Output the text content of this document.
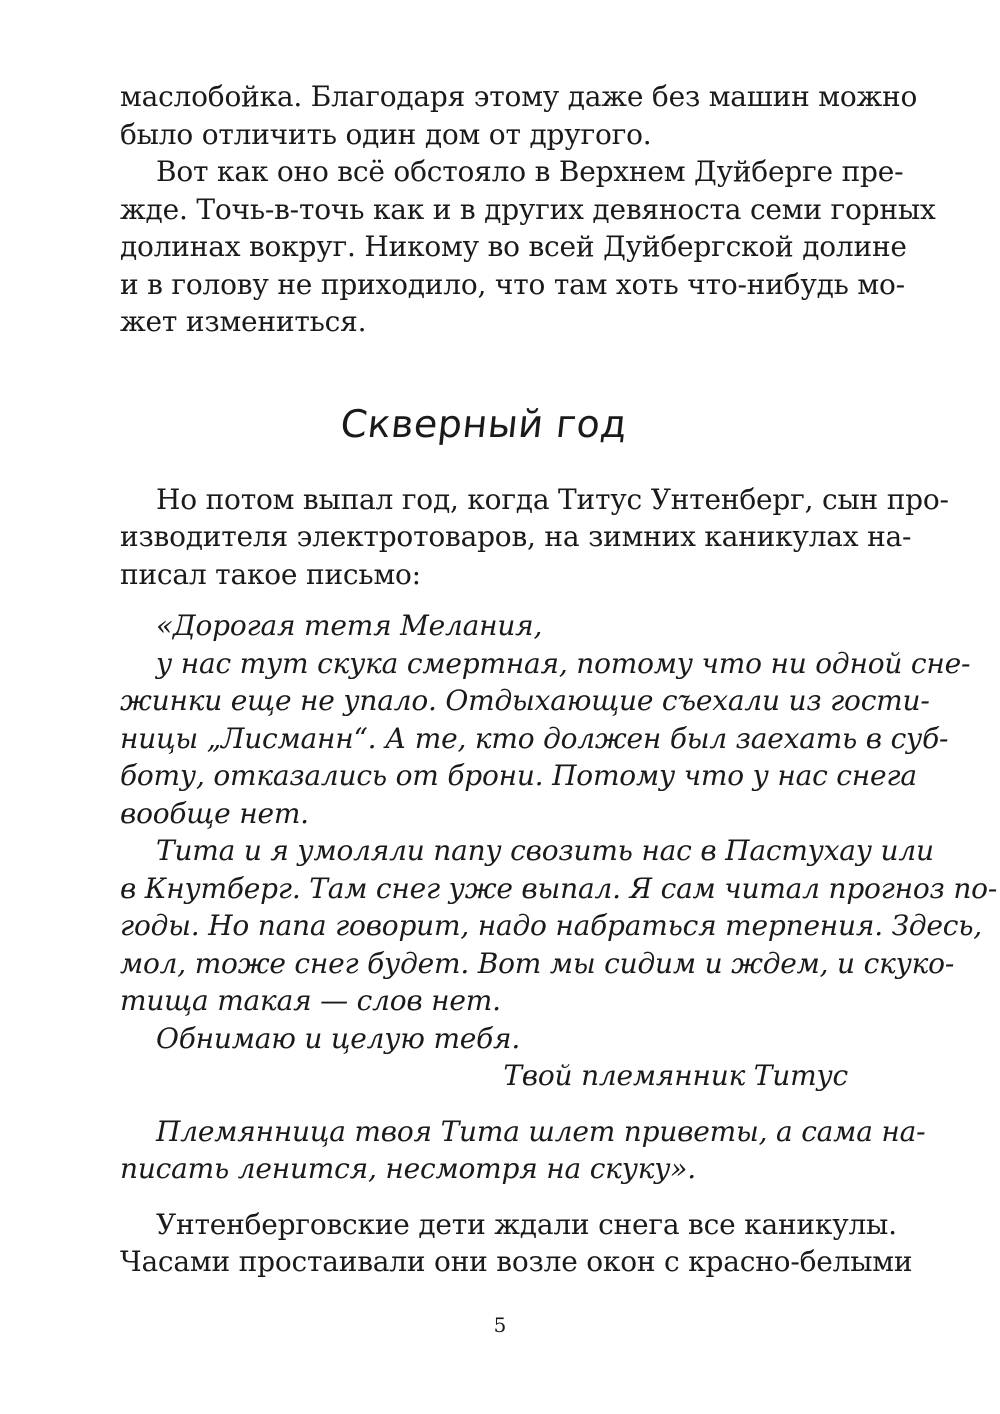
маслобойка. Благодаря этому даже без машин можно
было отличить один дом от другого.
Вот как оно всё обстояло в Верхнем Дуйберге пре-
жде. Точь-в-точь как и в других девяноста семи горных
долинах вокруг. Никому во всей Дуйбергской долине
и в голову не приходило, что там хоть что-нибудь мо-
жет измениться.
Скверный год
Но потом выпал год, когда Титус Унтенберг, сын про-
изводителя электротоваров, на зимних каникулах на-
писал такое письмо:
«Дорогая тетя Мелания,
у нас тут скука смертная, потому что ни одной сне-
жинки еще не упало. Отдыхающие съехали из гости-
ницы „Лисманн“. А те, кто должен был заехать в суб-
боту, отказались от брони. Потому что у нас снега
вообще нет.
Тита и я умоляли папу свозить нас в Пастухау или
в Кнутберг. Там снег уже выпал. Я сам читал прогноз по-
годы. Но папа говорит, надо набраться терпения. Здесь,
мол, тоже снег будет. Вот мы сидим и ждем, и скуко-
тища такая — слов нет.
Обнимаю и целую тебя.
Твой племянник Титус
Племянница твоя Тита шлет приветы, а сама на-
писать ленится, несмотря на скуку».
Унтенберговские дети ждали снега все каникулы.
Часами простаивали они возле окон с красно-белыми
5
